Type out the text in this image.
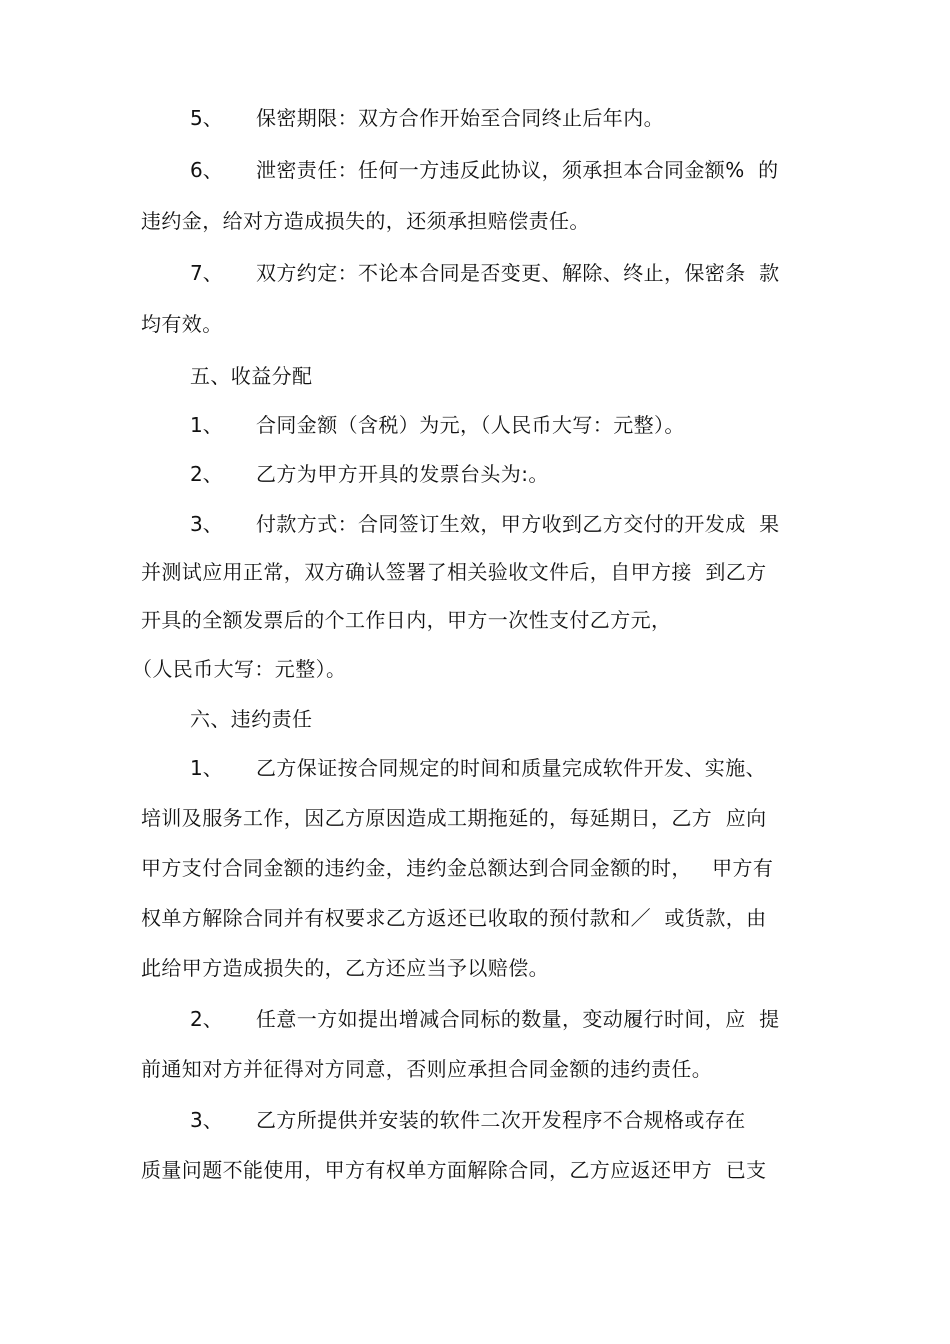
5、 保密期限：双方合作开始至合同终止后年内。
6、 泄密责任：任何一方违反此协议，须承担本合同金额%  的
违约金，给对方造成损失的，还须承担赔偿责任。
7、 双方约定：不论本合同是否变更、解除、终止，保密条  款
均有效。
五、收益分配
1、 合同金额（含税）为元，（人民币大写：元整）。
2、 乙方为甲方开具的发票台头为:。
3、 付款方式：合同签订生效，甲方收到乙方交付的开发成  果
并测试应用正常，双方确认签署了相关验收文件后，自甲方接  到乙方
开具的全额发票后的个工作日内，甲方一次性支付乙方元，
（人民币大写：元整）。
六、违约责任
1、 乙方保证按合同规定的时间和质量完成软件开发、实施、
培训及服务工作，因乙方原因造成工期拖延的，每延期日，乙方  应向
甲方支付合同金额的违约金，违约金总额达到合同金额的时，   甲方有
权单方解除合同并有权要求乙方返还已收取的预付款和／  或货款，由
此给甲方造成损失的，乙方还应当予以赔偿。
2、 任意一方如提出增减合同标的数量，变动履行时间，应  提
前通知对方并征得对方同意，否则应承担合同金额的违约责任。
3、 乙方所提供并安装的软件二次开发程序不合规格或存在
质量问题不能使用，甲方有权单方面解除合同，乙方应返还甲方  已支
